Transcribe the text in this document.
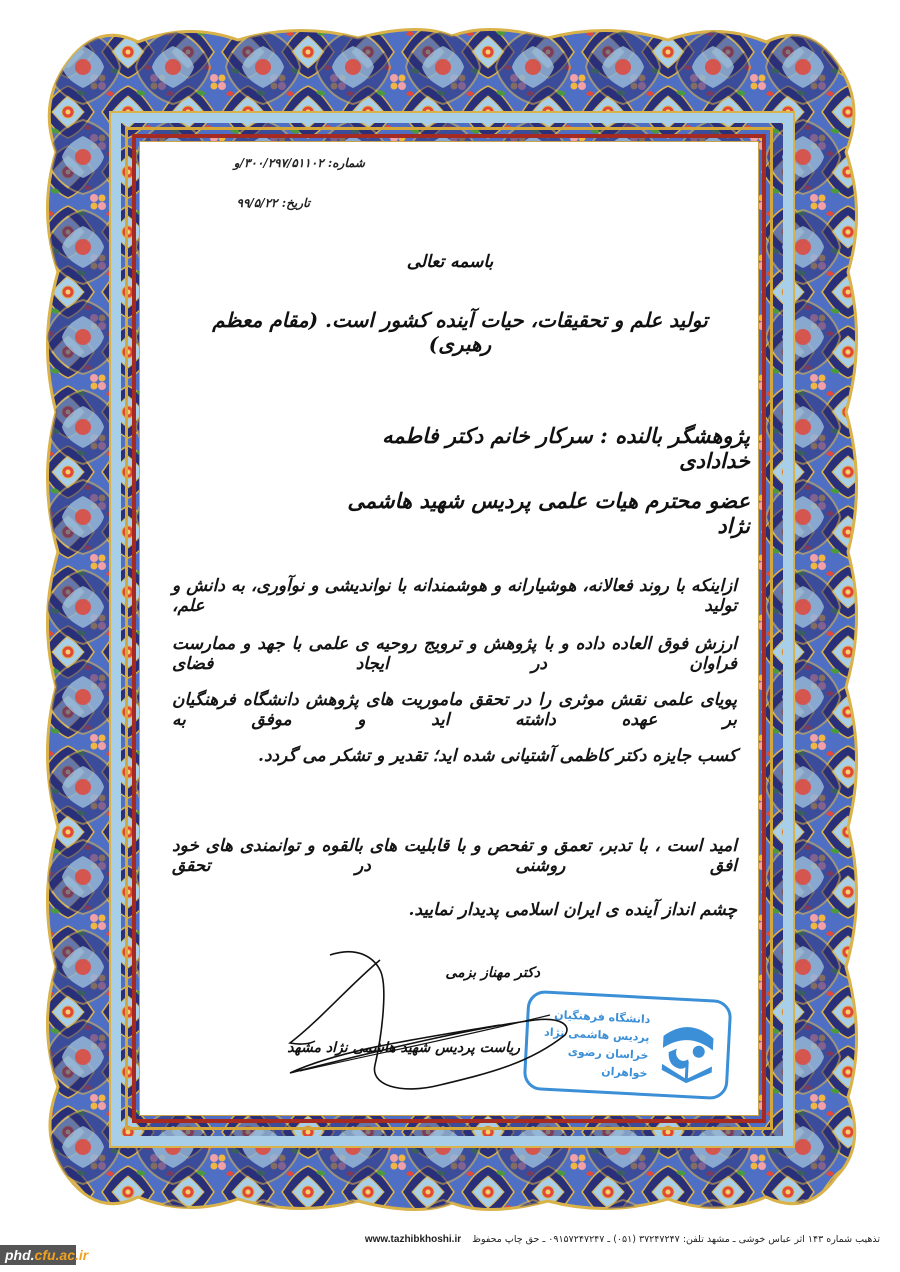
شماره: ۳۰۰/۲۹۷/۵۱۱۰۲/و
تاریخ: ۹۹/۵/۲۲
باسمه تعالی
تولید علم و تحقیقات، حیات آینده کشور است. (مقام معظم رهبری)
پژوهشگر بالنده : سرکار خانم دکتر فاطمه خدادادی
عضو محترم هیات علمی پردیس شهید هاشمی نژاد
ازاینکه با روند فعالانه، هوشیارانه و هوشمندانه با نواندیشی و نوآوری، به دانش و تولید علم،
ارزش فوق العاده داده و با پژوهش و ترویج روحیه ی علمی با جهد و ممارست فراوان در ایجاد فضای
پویای علمی نقش موثری را در تحقق ماموریت های پژوهش دانشگاه فرهنگیان بر عهده داشته اید و موفق به
کسب جایزه دکتر کاظمی آشتیانی شده اید؛ تقدیر و تشکر می گردد.
امید است ، با تدبر، تعمق و تفحص و با قابلیت های بالقوه و توانمندی های خود افق روشنی در تحقق
چشم انداز آینده ی ایران اسلامی پدیدار نمایید.
دکتر مهناز بزمی
ریاست پردیس شهید هاشمی نژاد مشهد
دانشگاه فرهنگیان
پردیس هاشمی نژاد
خراسان رضوی
خواهران
تذهیب شماره ۱۴۳ اثر عباس خوشی ـ مشهد تلفن: ۳۷۲۴۷۲۴۷ (۰۵۱) ـ ۰۹۱۵۷۲۴۷۲۴۷ ـ حق چاپ محفوظ www.tazhibkhoshi.ir
phd.cfu.ac.ir
